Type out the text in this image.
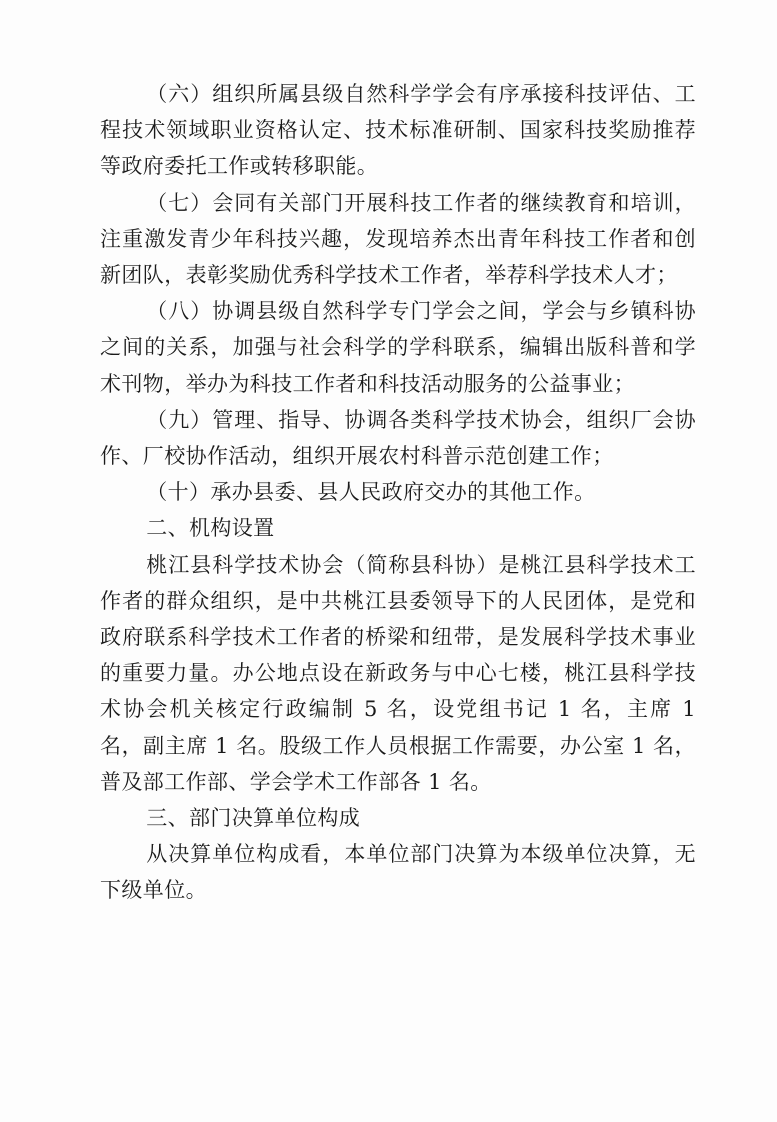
（六）组织所属县级自然科学学会有序承接科技评估、工程技术领域职业资格认定、技术标准研制、国家科技奖励推荐等政府委托工作或转移职能。

（七）会同有关部门开展科技工作者的继续教育和培训，注重激发青少年科技兴趣，发现培养杰出青年科技工作者和创新团队，表彰奖励优秀科学技术工作者，举荐科学技术人才；

（八）协调县级自然科学专门学会之间，学会与乡镇科协之间的关系，加强与社会科学的学科联系，编辑出版科普和学术刊物，举办为科技工作者和科技活动服务的公益事业；

（九）管理、指导、协调各类科学技术协会，组织厂会协作、厂校协作活动，组织开展农村科普示范创建工作；

（十）承办县委、县人民政府交办的其他工作。

二、机构设置

桃江县科学技术协会（简称县科协）是桃江县科学技术工作者的群众组织，是中共桃江县委领导下的人民团体，是党和政府联系科学技术工作者的桥梁和纽带，是发展科学技术事业的重要力量。办公地点设在新政务与中心七楼，桃江县科学技术协会机关核定行政编制 5 名，设党组书记 1 名，主席 1 名，副主席 1 名。股级工作人员根据工作需要，办公室 1 名，普及部工作部、学会学术工作部各 1 名。

三、部门决算单位构成

从决算单位构成看，本单位部门决算为本级单位决算，无下级单位。
